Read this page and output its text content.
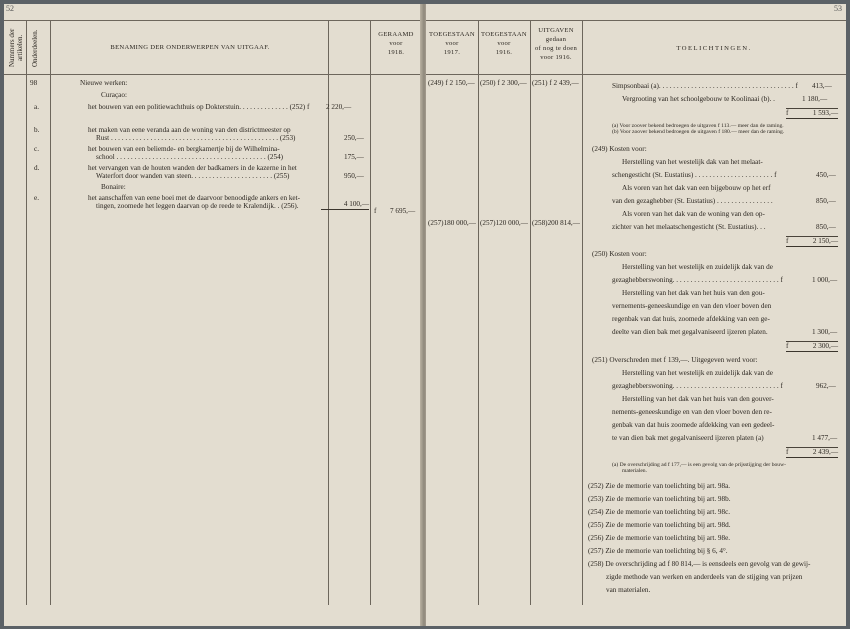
52
Nummers der artikelen. Onderdeelen.	BENAMING DER ONDERWERPEN VAN UITGAAF.
GERAAMD
voor
1918.
98	Nieuwe werken:
Curaçao:
a.	het bouwen van een politiewachthuis op Dokterstuin. . . . . . . . . . . . . . (252) f 2 220,—
b.	het maken van eene veranda aan de woning van den districtmeester op
Rust . . . . . . . . . . . . . . . . . . . . . . . . . . . . . . . . . . . . . . . . . . . . . . . (253)	250,—
c.	het bouwen van een beliemde- en bergkamertje bij de Wilhelmina-
school . . . . . . . . . . . . . . . . . . . . . . . . . . . . . . . . . . . . . . . . . . (254)	175,—
d.	het vervangen van de houten wanden der badkamers in de kazerne in het
Waterfort door wanden van steen. . . . . . . . . . . . . . . . . . . . . . . (255)	950,—
Bonaire:
e.	het aanschaffen van eene boei met de daarvoor benoodigde ankers en ket-
tingen, zoomede het leggen daarvan op de reede te Kralendijk. . (256).	4 100,—
f 7 695,—
53
TOEGESTAAN
voor
1917.
TOEGESTAAN
voor
1916.
UITGAVEN
gedaan
of nog te doen
voor 1916.
TOELICHTINGEN.
(249) f 2 150,— (250) f 2 300,— (251) f 2 439,—
(257)180 000,— (257)120 000,— (258)200 814,—
Simpsonbaai (a). . . . . . . . . . . . . . . . . . . . . . . . . . . . . . . . . . . . . . f 413,—
Vergrooting van het schoolgebouw te Koolinaai (b). .	1 180,—
f	1 593,—
(a) Voor zoover bekend bedroegen de uitgaven f 113.— meer dan de raming.
(b) Voor zoover bekend bedroegen de uitgaven f 180.— meer dan de raming.
(249) Kosten voor:
Herstelling van het westelijk dak van het melaat-
schengesticht (St. Eustatius) . . . . . . . . . . . . . . . . . . . . . . f	450,—
Als voren van het dak van een bijgebouw op het erf
van den gezaghebber (St. Eustatius) . . . . . . . . . . . . . . . .	850,—
Als voren van het dak van de woning van den op-
zichter van het melaatschengesticht (St. Eustatius). . .	850,—
f	2 150,—
(250) Kosten voor:
Herstelling van het westelijk en zuidelijk dak van de
gezaghebberswoning. . . . . . . . . . . . . . . . . . . . . . . . . . . . . . f	1 000,—
Herstelling van het dak van het huis van den gou-
vernements-geneeskundige en van den vloer boven den
regenbak van dat huis, zoomede afdekking van een ge-
deelte van dien bak met gegalvaniseerd ijzeren platen.	1 300,—
f	2 300,—
(251) Overschreden met f 139,—. Uitgegeven werd voor:
Herstelling van het westelijk en zuidelijk dak van de
gezaghebberswoning. . . . . . . . . . . . . . . . . . . . . . . . . . . . . . f	962,—
Herstelling van het dak van het huis van den gouver-
nements-geneeskundige en van den vloer boven den re-
genbak van dat huis zoomede afdekking van een gedeel-
te van dien bak met gegalvaniseerd ijzeren platen (a)	1 477,—
f	2 439,—
(a) De overschrijding ad f 177,— is een gevolg van de prijsstijging der bouw-
materialen.
(252) Zie de memorie van toelichting bij art. 98a.
(253) Zie de memorie van toelichting bij art. 98b.
(254) Zie de memorie van toelichting bij art. 98c.
(255) Zie de memorie van toelichting bij art. 98d.
(256) Zie de memorie van toelichting bij art. 98e.
(257) Zie de memorie van toelichting bij § 6, 4°.
(258) De overschrijding ad f 80 814,— is eensdeels een gevolg van de gewij-
zigde methode van werken en anderdeels van de stijging van prijzen
van materialen.
